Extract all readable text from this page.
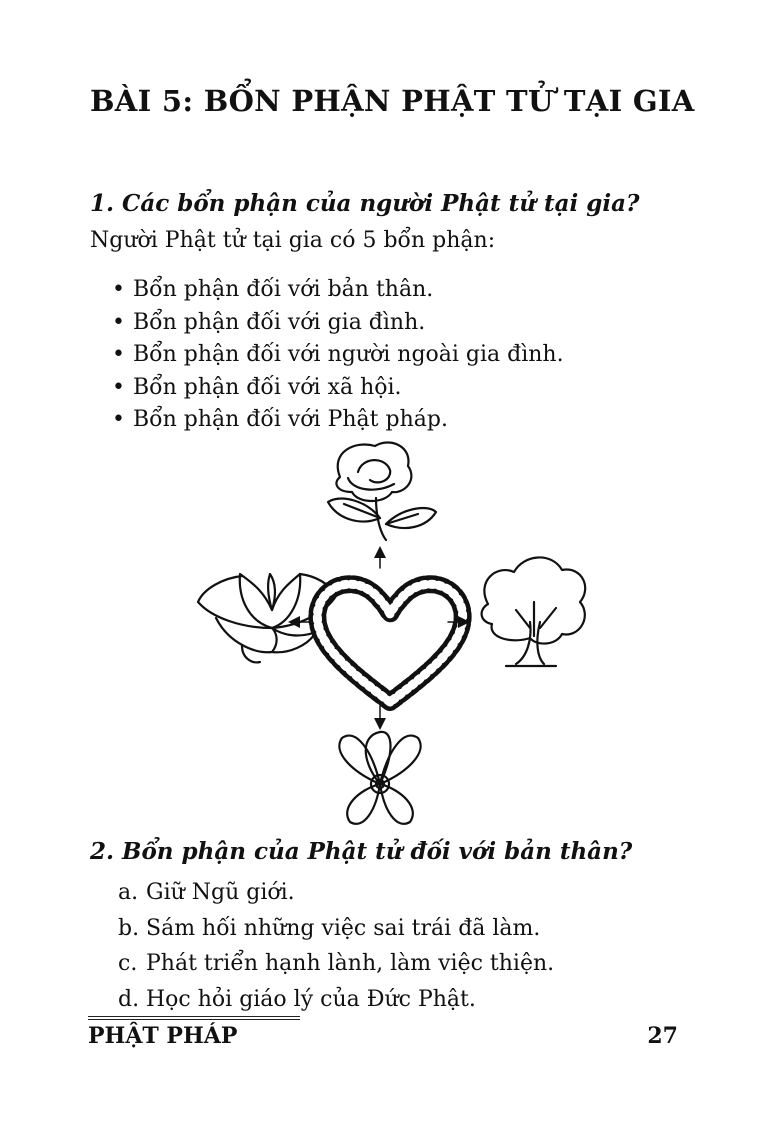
BÀI 5: BỔN PHẬN PHẬT TỬ TẠI GIA
1. Các bổn phận của người Phật tử tại gia?
Người Phật tử tại gia có 5 bổn phận:
• Bổn phận đối với bản thân.
• Bổn phận đối với gia đình.
• Bổn phận đối với người ngoài gia đình.
• Bổn phận đối với xã hội.
• Bổn phận đối với Phật pháp.
2. Bổn phận của Phật tử đối với bản thân?
a. Giữ Ngũ giới.
b. Sám hối những việc sai trái đã làm.
c. Phát triển hạnh lành, làm việc thiện.
d. Học hỏi giáo lý của Đức Phật.
PHẬT PHÁP	27
